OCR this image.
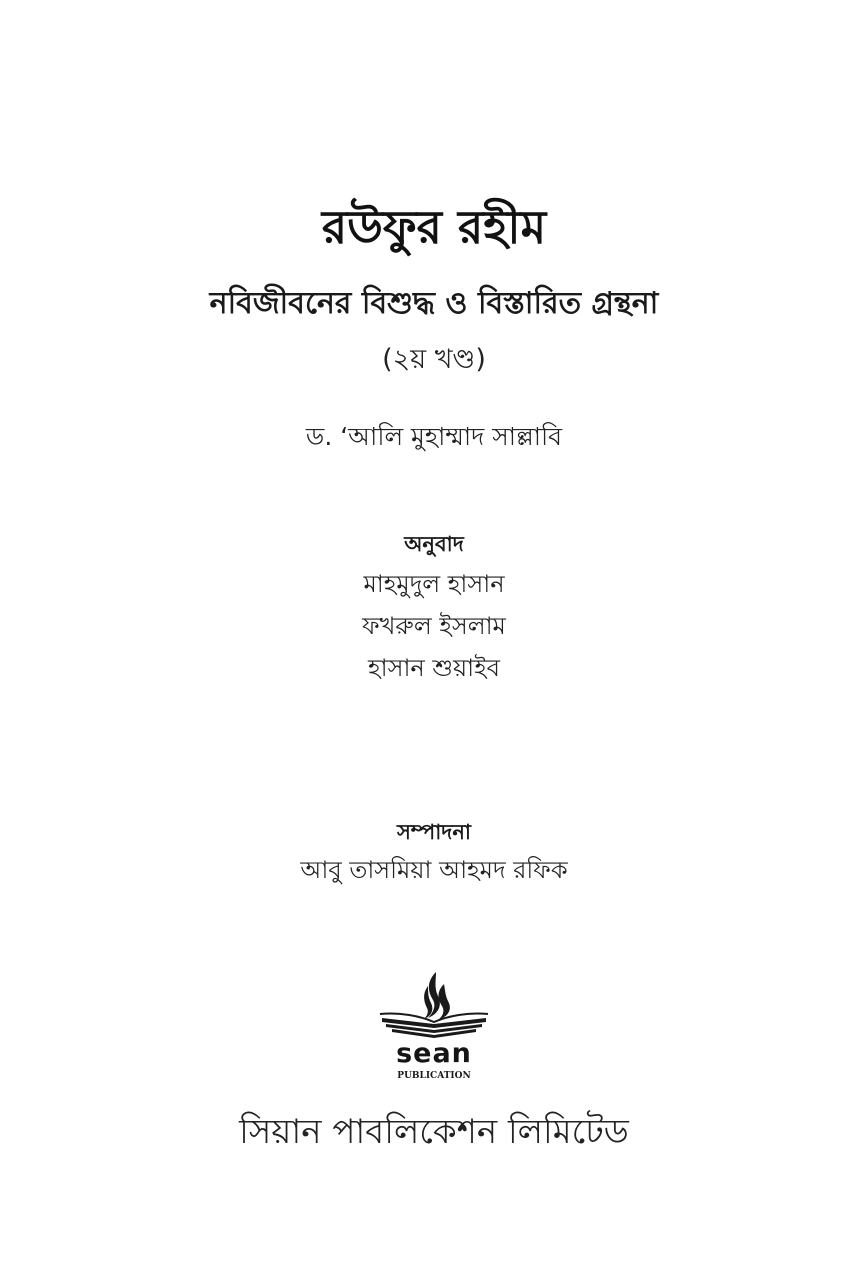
রউফুর রহীম
নবিজীবনের বিশুদ্ধ ও বিস্তারিত গ্রন্থনা
(২য় খণ্ড)
ড. ‘আলি মুহাম্মাদ সাল্লাবি
অনুবাদ
মাহমুদুল হাসান
ফখরুল ইসলাম
হাসান শুয়াইব
সম্পাদনা
আবু তাসমিয়া আহমদ রফিক
sean
PUBLICATION
সিয়ান পাবলিকেশন লিমিটেড
